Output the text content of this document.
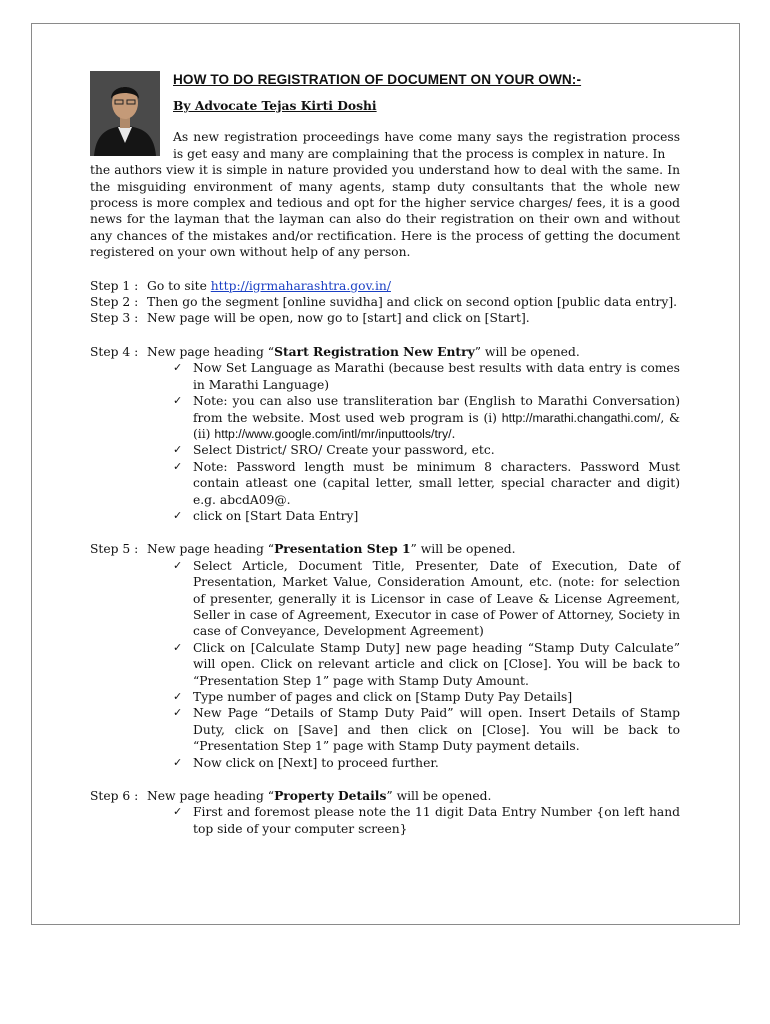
HOW TO DO REGISTRATION OF DOCUMENT ON YOUR OWN:-
By Advocate Tejas Kirti Doshi
As new registration proceedings have come many says the registration process is get easy and many are complaining that the process is complex in nature. In
the authors view it is simple in nature provided you understand how to deal with the same. In the misguiding environment of many agents, stamp duty consultants that the whole new process is more complex and tedious and opt for the higher service charges/ fees, it is a good news for the layman that the layman can also do their registration on their own and without any chances of the mistakes and/or rectification. Here is the process of getting the document registered on your own without help of any person.
Step 1 : Go to site http://igrmaharashtra.gov.in/
Step 2 : Then go the segment [online suvidha] and click on second option [public data entry].
Step 3 : New page will be open, now go to [start] and click on [Start].
Step 4 : New page heading “Start Registration New Entry” will be opened.
✓ Now Set Language as Marathi (because best results with data entry is comes in Marathi Language)
✓ Note: you can also use transliteration bar (English to Marathi Conversation) from the website. Most used web program is (i) http://marathi.changathi.com/, & (ii) http://www.google.com/intl/mr/inputtools/try/.
✓ Select District/ SRO/ Create your password, etc.
✓ Note: Password length must be minimum 8 characters. Password Must contain atleast one (capital letter, small letter, special character and digit) e.g. abcdA09@.
✓ click on [Start Data Entry]
Step 5 : New page heading “Presentation Step 1” will be opened.
✓ Select Article, Document Title, Presenter, Date of Execution, Date of Presentation, Market Value, Consideration Amount, etc. (note: for selection of presenter, generally it is Licensor in case of Leave & License Agreement, Seller in case of Agreement, Executor in case of Power of Attorney, Society in case of Conveyance, Development Agreement)
✓ Click on [Calculate Stamp Duty] new page heading “Stamp Duty Calculate” will open. Click on relevant article and click on [Close]. You will be back to “Presentation Step 1” page with Stamp Duty Amount.
✓ Type number of pages and click on [Stamp Duty Pay Details]
✓ New Page “Details of Stamp Duty Paid” will open. Insert Details of Stamp Duty, click on [Save] and then click on [Close]. You will be back to “Presentation Step 1” page with Stamp Duty payment details.
✓ Now click on [Next] to proceed further.
Step 6 : New page heading “Property Details” will be opened.
✓ First and foremost please note the 11 digit Data Entry Number {on left hand top side of your computer screen}
